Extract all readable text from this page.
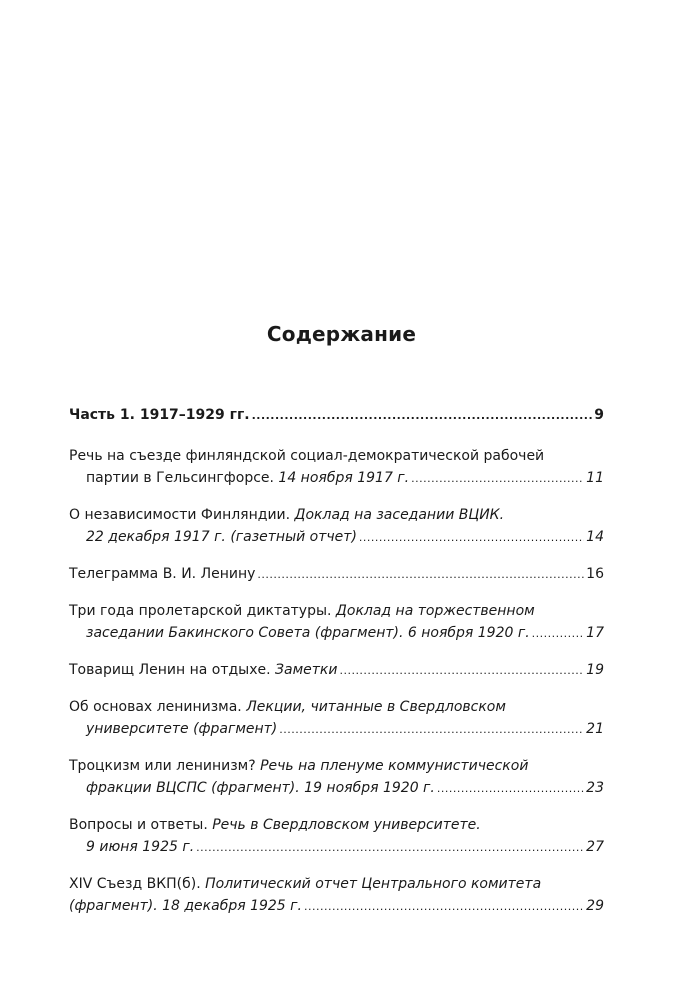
Содержание
Часть 1. 1917–1929 гг. .....	9
Речь на съезде финляндской социал-демократической рабочей
партии в Гельсингфорсе. 14 ноября 1917 г. .....	11
О независимости Финляндии. Доклад на заседании ВЦИК.
22 декабря 1917 г. (газетный отчет) .....	14
Телеграмма В. И. Ленину .....	16
Три года пролетарской диктатуры. Доклад на торжественном
заседании Бакинского Совета (фрагмент). 6 ноября 1920 г. .....	17
Товарищ Ленин на отдыхе. Заметки .....	19
Об основах ленинизма. Лекции, читанные в Свердловском
университете (фрагмент) .....	21
Троцкизм или ленинизм? Речь на пленуме коммунистической
фракции ВЦСПС (фрагмент). 19 ноября 1920 г. .....	23
Вопросы и ответы. Речь в Свердловском университете.
9 июня 1925 г. .....	27
XIV Съезд ВКП(б). Политический отчет Центрального комитета
(фрагмент). 18 декабря 1925 г. .....	29
